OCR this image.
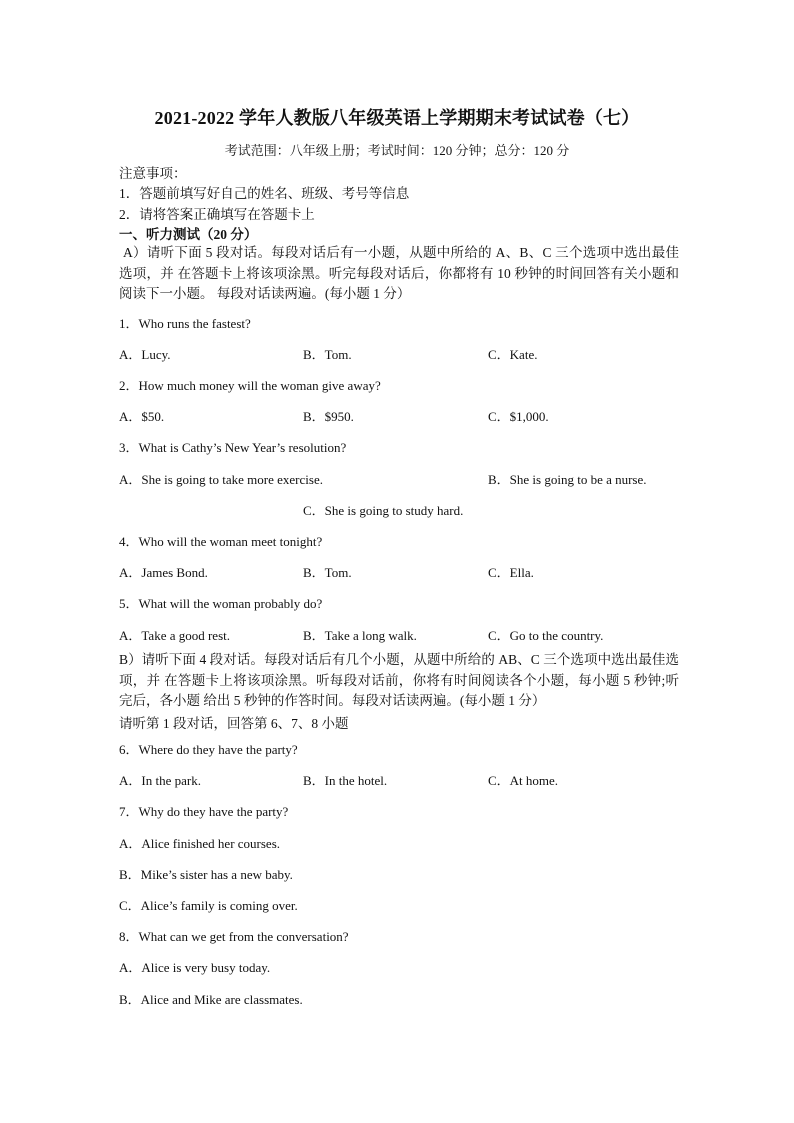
2021-2022 学年人教版八年级英语上学期期末考试试卷（七）
考试范围：八年级上册；考试时间：120 分钟；总分：120 分
注意事项：
1．答题前填写好自己的姓名、班级、考号等信息
2．请将答案正确填写在答题卡上
一、听力测试（20 分）
A）请听下面 5 段对话。每段对话后有一小题，从题中所给的 A、B、C 三个选项中选出最佳选项，并 在答题卡上将该项涂黑。听完每段对话后，你都将有 10 秒钟的时间回答有关小题和阅读下一小题。 每段对话读两遍。(每小题 1 分）
1．Who runs the fastest?
A．Lucy.	B．Tom.	C．Kate.
2．How much money will the woman give away?
A．$50.	B．$950.	C．$1,000.
3．What is Cathy’s New Year’s resolution?
A．She is going to take more exercise.	B．She is going to be a nurse.
C．She is going to study hard.
4．Who will the woman meet tonight?
A．James Bond.	B．Tom.	C．Ella.
5．What will the woman probably do?
A．Take a good rest.	B．Take a long walk.	C．Go to the country.
B）请听下面 4 段对话。每段对话后有几个小题，从题中所给的 AB、C 三个选项中选出最佳选项，并 在答题卡上将该项涂黑。听每段对话前，你将有时间阅读各个小题，每小题 5 秒钟;听完后，各小题 给出 5 秒钟的作答时间。每段对话读两遍。(每小题 1 分）
请听第 1 段对话，回答第 6、7、8 小题
6．Where do they have the party?
A．In the park.	B．In the hotel.	C．At home.
7．Why do they have the party?
A．Alice finished her courses.
B．Mike’s sister has a new baby.
C．Alice’s family is coming over.
8．What can we get from the conversation?
A．Alice is very busy today.
B．Alice and Mike are classmates.
